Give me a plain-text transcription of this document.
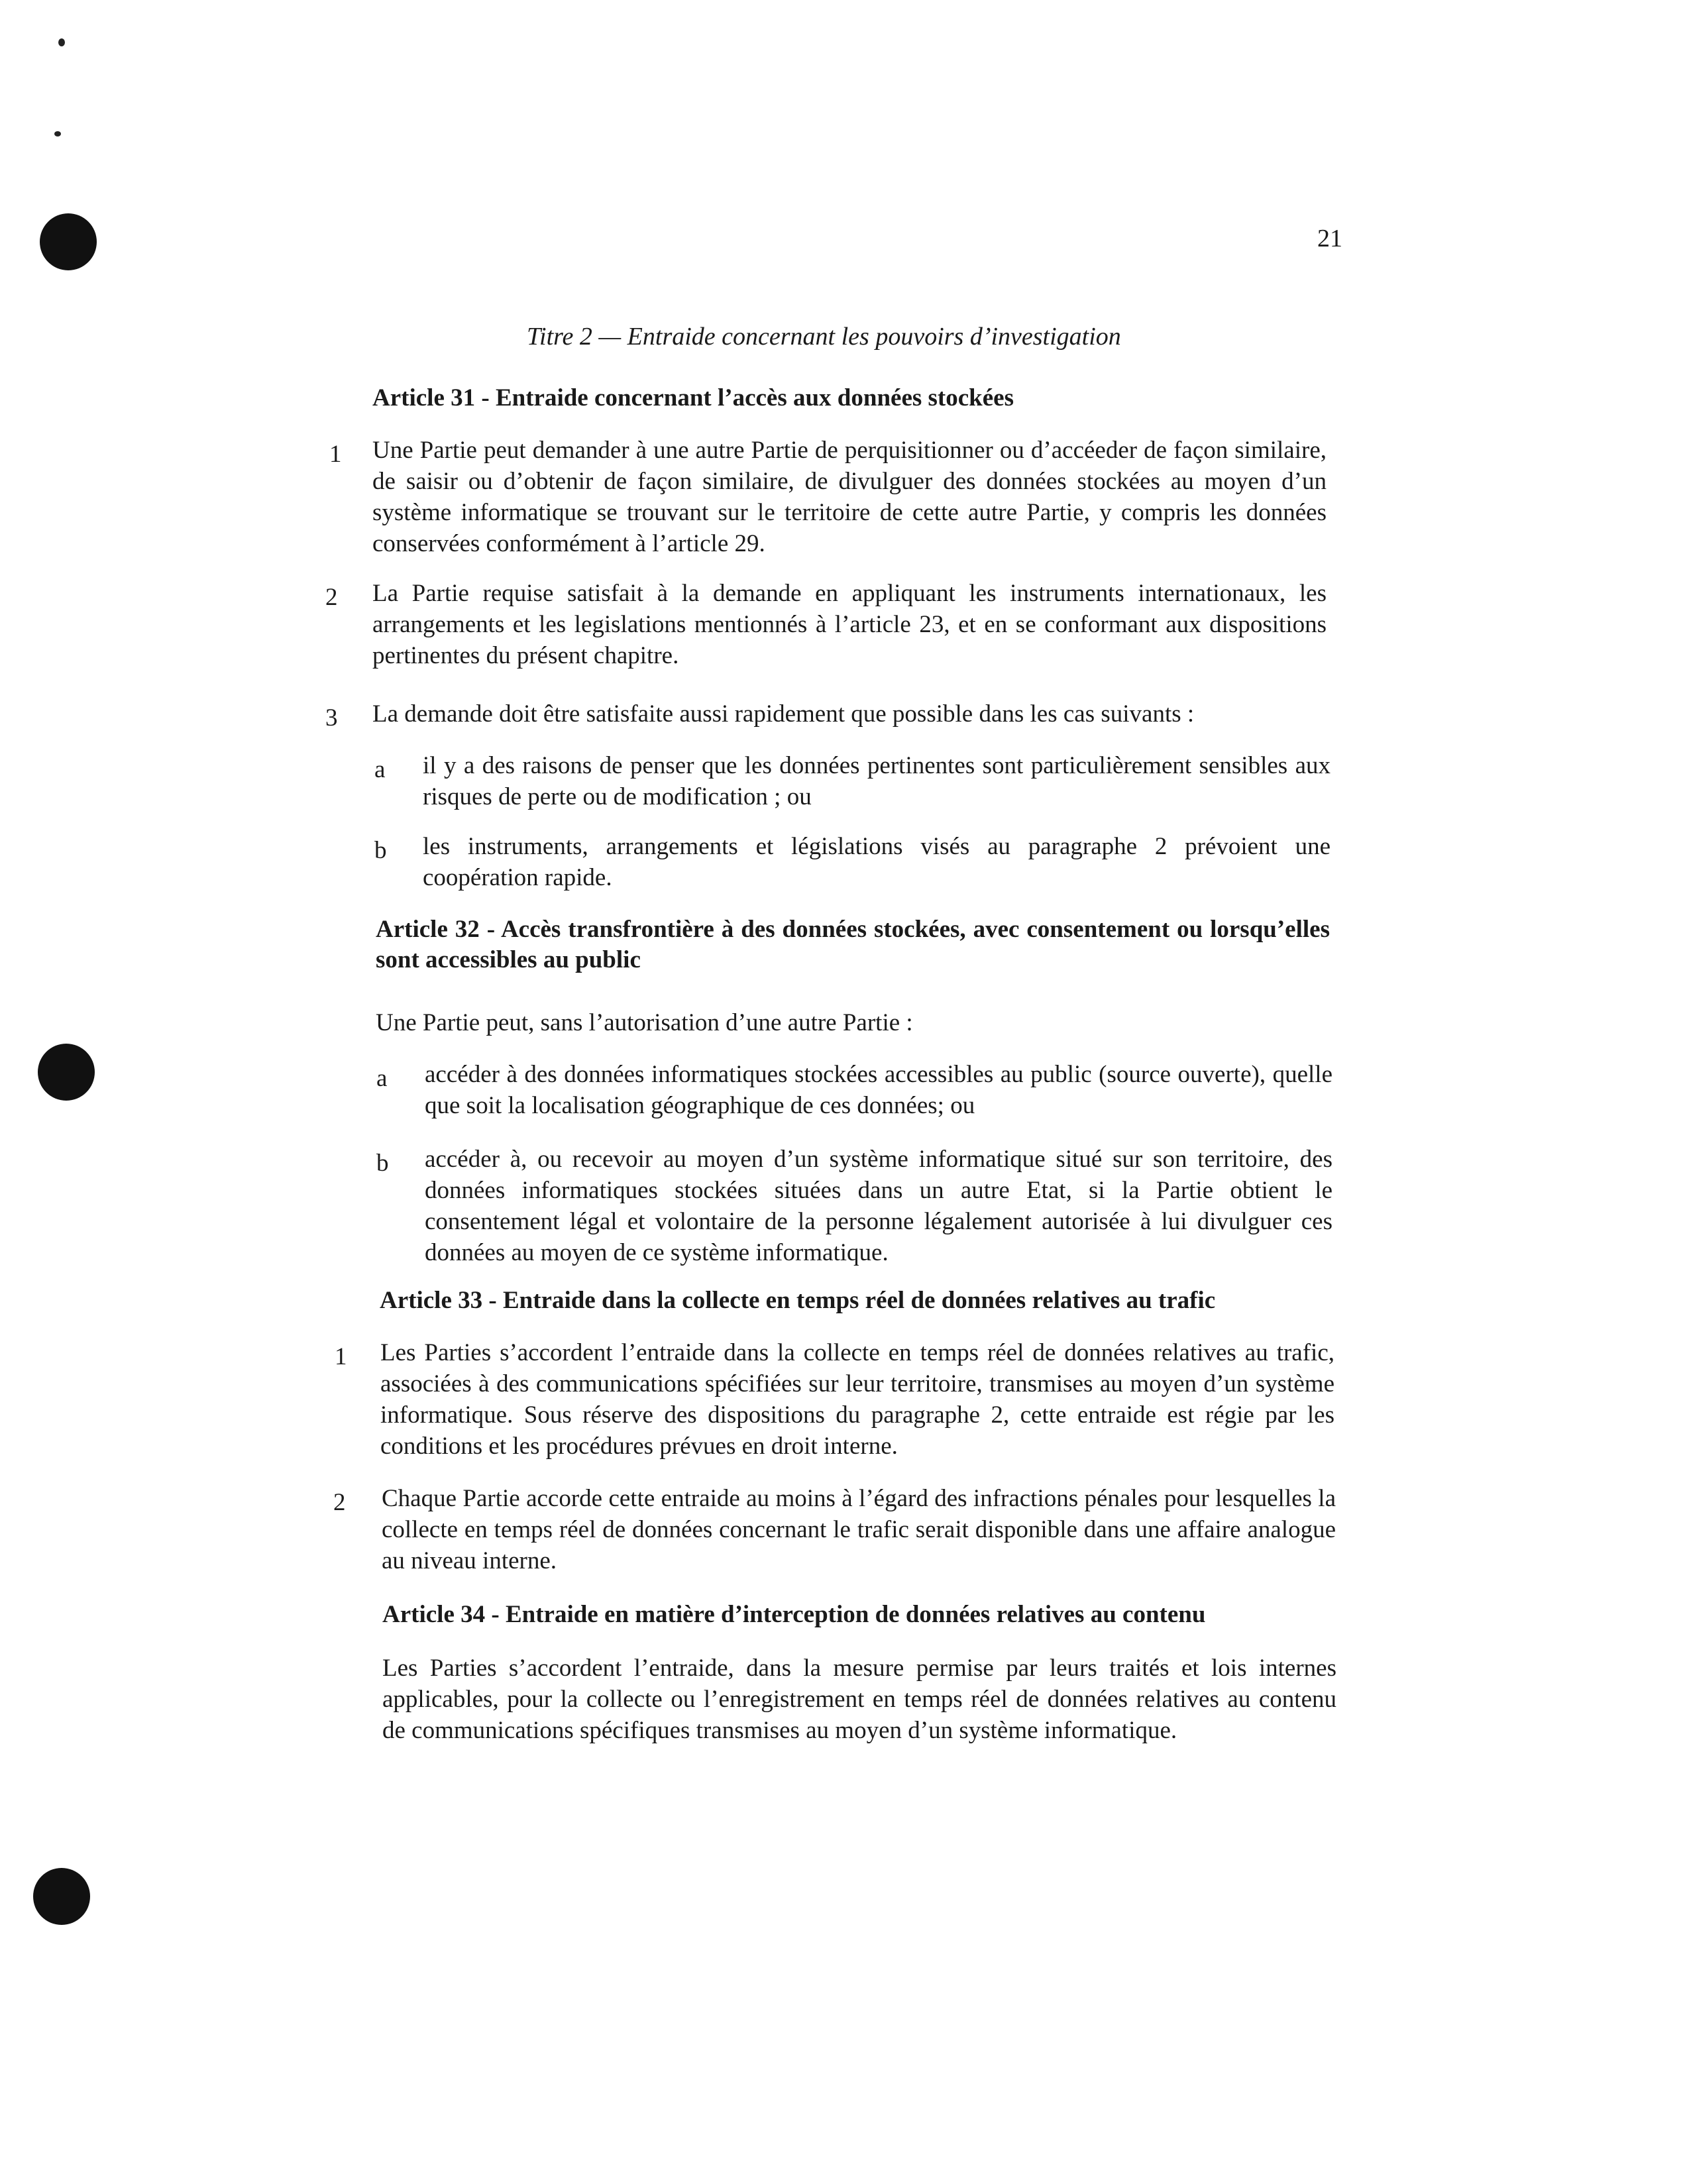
21
Titre 2 — Entraide concernant les pouvoirs d’investigation
Article 31 - Entraide concernant l’accès aux données stockées
1 Une Partie peut demander à une autre Partie de perquisitionner ou d’accéeder de façon similaire, de saisir ou d’obtenir de façon similaire, de divulguer des données stockées au moyen d’un système informatique se trouvant sur le territoire de cette autre Partie, y compris les données conservées conformément à l’article 29.
2 La Partie requise satisfait à la demande en appliquant les instruments internationaux, les arrangements et les legislations mentionnés à l’article 23, et en se conformant aux dispositions pertinentes du présent chapitre.
3 La demande doit être satisfaite aussi rapidement que possible dans les cas suivants :
a il y a des raisons de penser que les données pertinentes sont particulièrement sensibles aux risques de perte ou de modification ; ou
b les instruments, arrangements et législations visés au paragraphe 2 prévoient une coopération rapide.
Article 32 - Accès transfrontière à des données stockées, avec consentement ou lorsqu’elles sont accessibles au public
Une Partie peut, sans l’autorisation d’une autre Partie :
a accéder à des données informatiques stockées accessibles au public (source ouverte), quelle que soit la localisation géographique de ces données; ou
b accéder à, ou recevoir au moyen d’un système informatique situé sur son territoire, des données informatiques stockées situées dans un autre Etat, si la Partie obtient le consentement légal et volontaire de la personne légalement autorisée à lui divulguer ces données au moyen de ce système informatique.
Article 33 - Entraide dans la collecte en temps réel de données relatives au trafic
1 Les Parties s’accordent l’entraide dans la collecte en temps réel de données relatives au trafic, associées à des communications spécifiées sur leur territoire, transmises au moyen d’un système informatique. Sous réserve des dispositions du paragraphe 2, cette entraide est régie par les conditions et les procédures prévues en droit interne.
2 Chaque Partie accorde cette entraide au moins à l’égard des infractions pénales pour lesquelles la collecte en temps réel de données concernant le trafic serait disponible dans une affaire analogue au niveau interne.
Article 34 - Entraide en matière d’interception de données relatives au contenu
Les Parties s’accordent l’entraide, dans la mesure permise par leurs traités et lois internes applicables, pour la collecte ou l’enregistrement en temps réel de données relatives au contenu de communications spécifiques transmises au moyen d’un système informatique.
